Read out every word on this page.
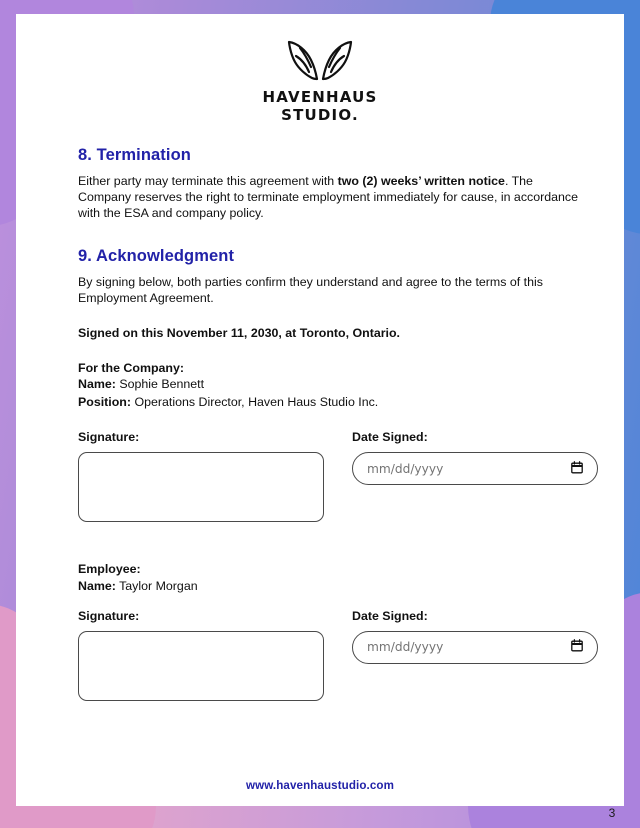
HAVENHAUS
STUDIO.
8. Termination

Either party may terminate this agreement with two (2) weeks’ written notice. The Company reserves the right to terminate employment immediately for cause, in accordance with the ESA and company policy.

9. Acknowledgment

By signing below, both parties confirm they understand and agree to the terms of this Employment Agreement.

Signed on this November 11, 2030, at Toronto, Ontario.
For the Company:
Name: Sophie Bennett
Position: Operations Director, Haven Haus Studio Inc.
Signature:	Date Signed:
mm/dd/yyyy
Employee:
Name: Taylor Morgan
Signature:	Date Signed:
mm/dd/yyyy
www.havenhaustudio.com
3
